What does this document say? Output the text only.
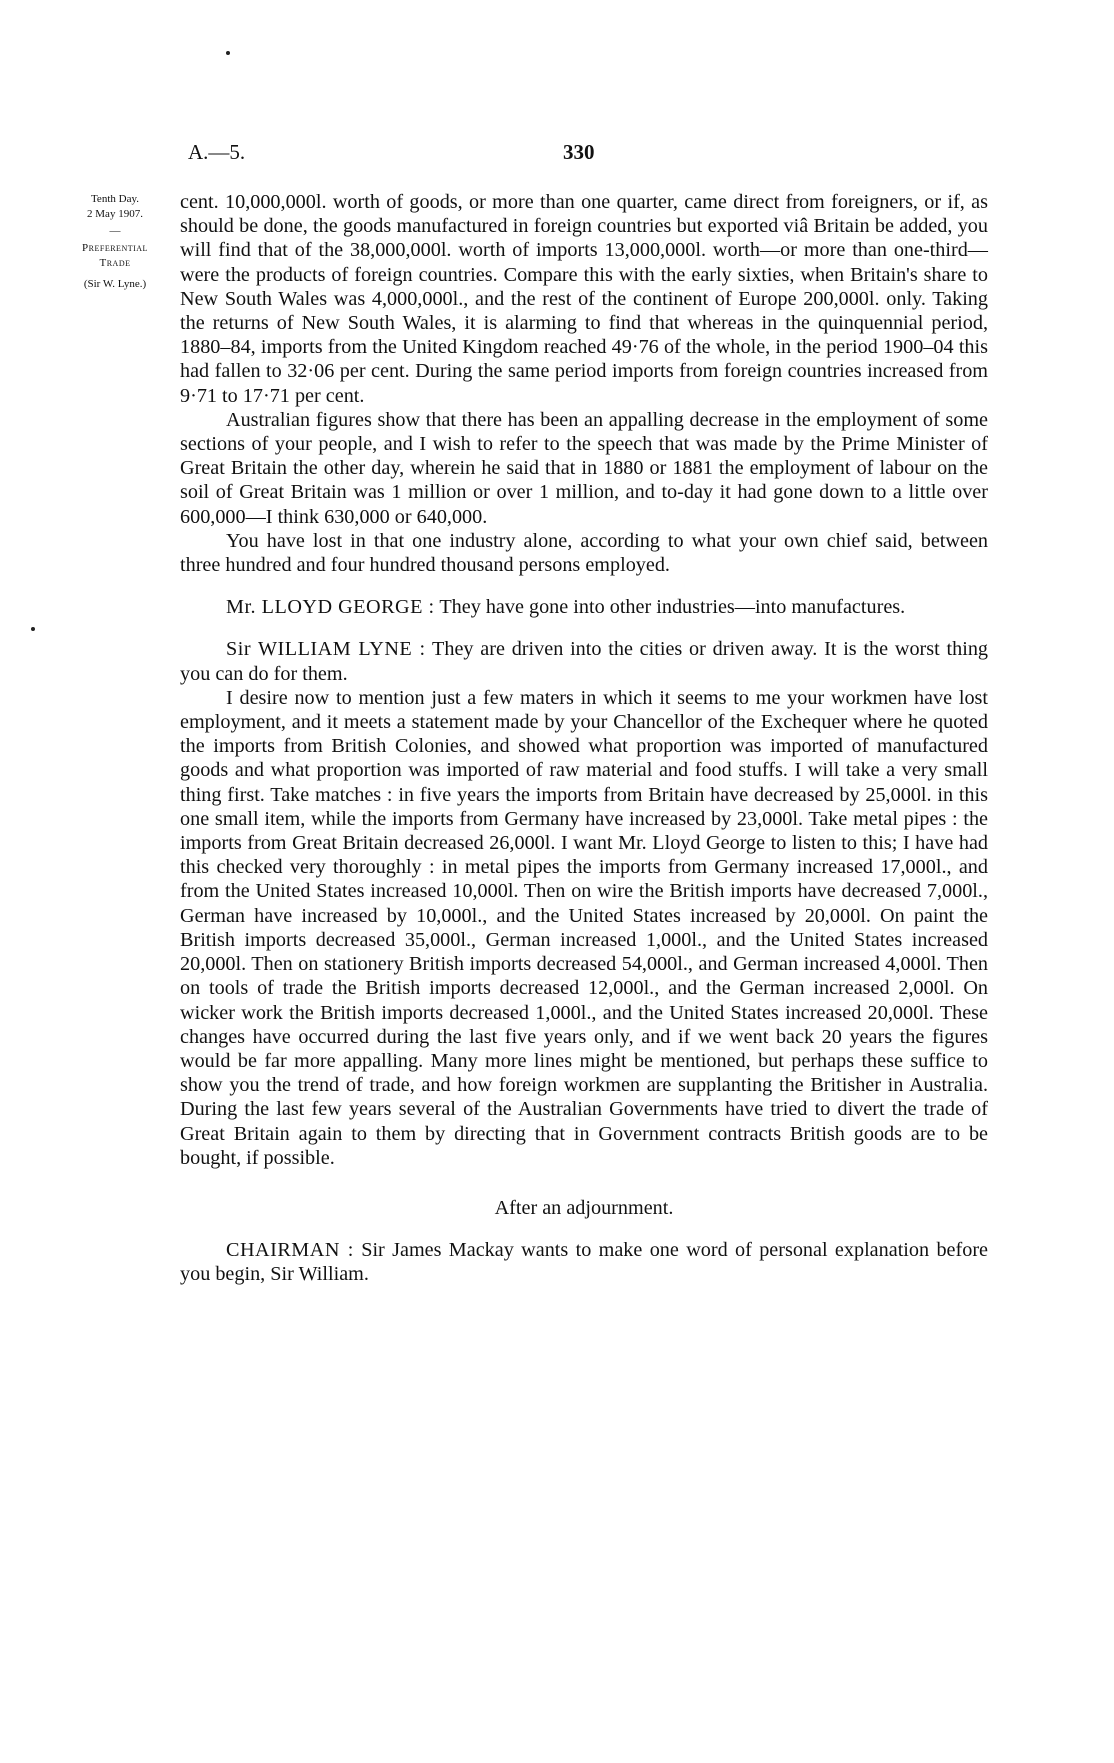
A.—5.	330
Tenth Day.
2 May 1907.
—
Preferential
Trade
(Sir W. Lyne.)

cent. 10,000,000l. worth of goods, or more than one quarter, came direct from foreigners, or if, as should be done, the goods manufactured in foreign countries but exported viâ Britain be added, you will find that of the 38,000,000l. worth of imports 13,000,000l. worth—or more than one-third—were the products of foreign countries. Compare this with the early sixties, when Britain's share to New South Wales was 4,000,000l., and the rest of the continent of Europe 200,000l. only. Taking the returns of New South Wales, it is alarming to find that whereas in the quinquennial period, 1880–84, imports from the United Kingdom reached 49·76 of the whole, in the period 1900–04 this had fallen to 32·06 per cent. During the same period imports from foreign countries increased from 9·71 to 17·71 per cent.

Australian figures show that there has been an appalling decrease in the employment of some sections of your people, and I wish to refer to the speech that was made by the Prime Minister of Great Britain the other day, wherein he said that in 1880 or 1881 the employment of labour on the soil of Great Britain was 1 million or over 1 million, and to-day it had gone down to a little over 600,000—I think 630,000 or 640,000.

You have lost in that one industry alone, according to what your own chief said, between three hundred and four hundred thousand persons employed.

Mr. LLOYD GEORGE : They have gone into other industries—into manufactures.

Sir WILLIAM LYNE : They are driven into the cities or driven away. It is the worst thing you can do for them.

I desire now to mention just a few maters in which it seems to me your workmen have lost employment, and it meets a statement made by your Chancellor of the Exchequer where he quoted the imports from British Colonies, and showed what proportion was imported of manufactured goods and what proportion was imported of raw material and food stuffs. I will take a very small thing first. Take matches : in five years the imports from Britain have decreased by 25,000l. in this one small item, while the imports from Germany have increased by 23,000l. Take metal pipes : the imports from Great Britain decreased 26,000l. I want Mr. Lloyd George to listen to this; I have had this checked very thoroughly : in metal pipes the imports from Germany increased 17,000l., and from the United States increased 10,000l. Then on wire the British imports have decreased 7,000l., German have increased by 10,000l., and the United States increased by 20,000l. On paint the British imports decreased 35,000l., German increased 1,000l., and the United States increased 20,000l. Then on stationery British imports decreased 54,000l., and German increased 4,000l. Then on tools of trade the British imports decreased 12,000l., and the German increased 2,000l. On wicker work the British imports decreased 1,000l., and the United States increased 20,000l. These changes have occurred during the last five years only, and if we went back 20 years the figures would be far more appalling. Many more lines might be mentioned, but perhaps these suffice to show you the trend of trade, and how foreign workmen are supplanting the Britisher in Australia. During the last few years several of the Australian Governments have tried to divert the trade of Great Britain again to them by directing that in Government contracts British goods are to be bought, if possible.

After an adjournment.

CHAIRMAN : Sir James Mackay wants to make one word of personal explanation before you begin, Sir William.
